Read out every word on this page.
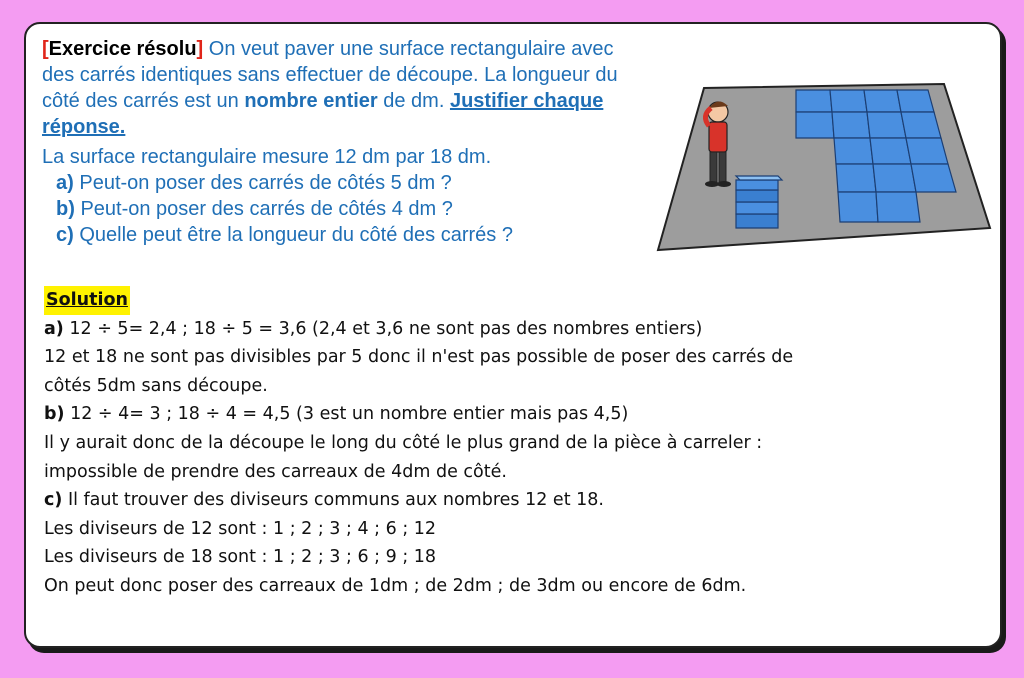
[Exercice résolu] On veut paver une surface rectangulaire avec des carrés identiques sans effectuer de découpe. La longueur du côté des carrés est un nombre entier de dm. Justifier chaque réponse.
La surface rectangulaire mesure 12 dm par 18 dm.
a) Peut-on poser des carrés de côtés 5 dm ?
b) Peut-on poser des carrés de côtés 4 dm ?
c) Quelle peut être la longueur du côté des carrés ?
Solution
a) 12 ÷ 5= 2,4 ; 18 ÷ 5 = 3,6 (2,4 et 3,6 ne sont pas des nombres entiers)
12 et 18 ne sont pas divisibles par 5 donc il n'est pas possible de poser des carrés de
côtés 5dm sans découpe.
b) 12 ÷ 4= 3 ; 18 ÷ 4 = 4,5 (3 est un nombre entier mais pas 4,5)
Il y aurait donc de la découpe le long du côté le plus grand de la pièce à carreler :
impossible de prendre des carreaux de 4dm de côté.
c) Il faut trouver des diviseurs communs aux nombres 12 et 18.
Les diviseurs de 12 sont : 1 ; 2 ; 3 ; 4 ; 6 ; 12
Les diviseurs de 18 sont : 1 ; 2 ; 3 ; 6 ; 9 ; 18
On peut donc poser des carreaux de 1dm ; de 2dm ; de 3dm ou encore de 6dm.
